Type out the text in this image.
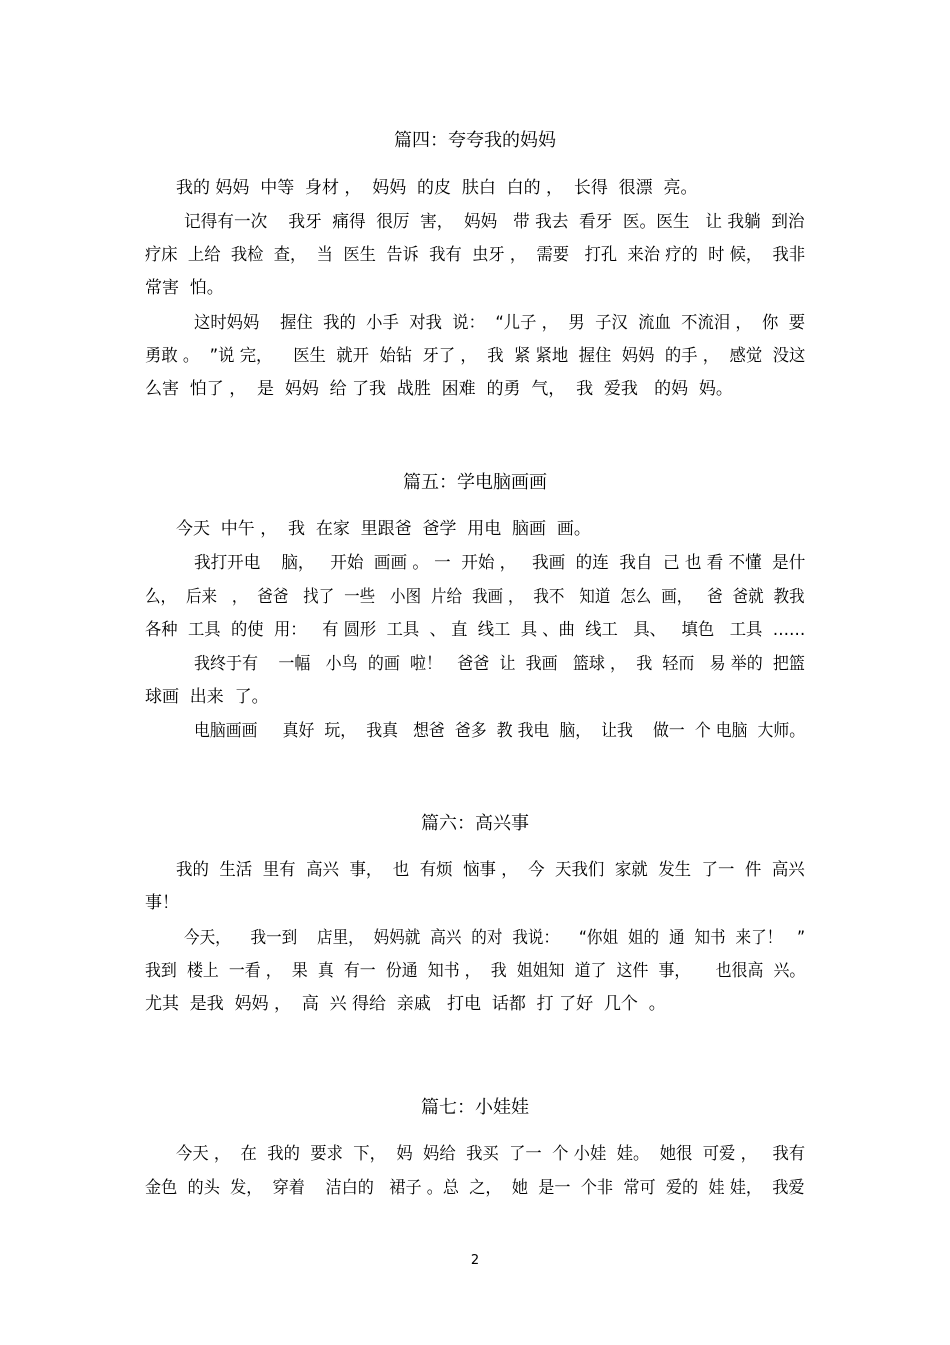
篇四：夸夸我的妈妈
我的 妈妈  中等  身材 ，  妈妈  的皮  肤白  白的 ，  长得  很漂  亮。
记得有一次    我牙  痛得  很厉  害，  妈妈   带 我去  看牙  医。医生   让 我躺  到治
疗床  上给  我检  查，  当  医生  告诉  我有  虫牙 ，  需要   打孔  来治 疗的  时 候，  我非
常害  怕。
这时妈妈    握住  我的  小手  对我  说：  “儿子 ，  男  子汉  流血  不流泪 ，  你  要
勇敢 。  ”说 完，    医生  就开  始钻  牙了 ，  我  紧 紧地  握住  妈妈  的手 ，  感觉  没这
么害  怕了 ，  是  妈妈  给 了我  战胜  困难  的勇  气，  我  爱我   的妈  妈。
篇五：学电脑画画
今天  中午 ，  我  在家  里跟爸  爸学  用电  脑画  画。
我打开电    脑，   开始  画画 。 一  开始 ，   我画  的连  我自  己 也 看 不懂  是什
么，  后来   ，  爸爸   找了  一些   小图  片给  我画 ，  我不   知道  怎么  画，   爸  爸就  教我
各种  工具  的使  用：   有 圆形  工具  、 直  线工  具 、曲  线工   具、   填色   工具  ……
我终于有    一幅   小鸟  的画  啦！   爸爸  让  我画   篮球 ，  我  轻而   易 举的  把篮
球画  出来  了。
电脑画画     真好  玩，  我真   想爸  爸多  教 我电  脑，  让我    做一  个 电脑  大师。
篇六：高兴事
我的  生活  里有  高兴  事，  也  有烦  恼事 ，  今  天我们  家就  发生  了一  件  高兴
事！
今天，    我一到    店里，  妈妈就  高兴  的对  我说：    “你姐  姐的  通  知书  来了！   ”
我到  楼上  一看 ，  果  真  有一  份通  知书 ，  我  姐姐知  道了  这件  事，     也很高  兴。
尤其  是我  妈妈 ，  高  兴 得给  亲戚   打电  话都  打 了好  几个  。
篇七：小娃娃
今天 ，  在  我的  要求  下，  妈  妈给  我买  了一  个 小娃  娃。  她很  可爱 ，   我有
金色  的头  发，  穿着    洁白的   裙子 。总  之，  她  是一  个非  常可  爱的  娃 娃，  我爱
2
